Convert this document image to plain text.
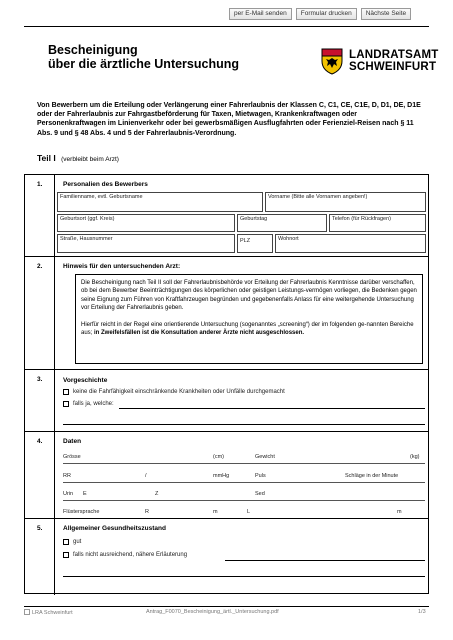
per E-Mail senden	Formular drucken	Nächste Seite
Bescheinigung
über die ärztliche Untersuchung
LANDRATSAMT
SCHWEINFURT
Von Bewerbern um die Erteilung oder Verlängerung einer Fahrerlaubnis der Klassen C, C1, CE, C1E, D, D1, DE, D1E oder der Fahrerlaubnis zur Fahrgastbeförderung für Taxen, Mietwagen, Krankenkraftwagen oder Personenkraftwagen im Linienverkehr oder bei gewerbsmäßigen Ausflugfahrten oder Ferienziel-Reisen nach § 11 Abs. 9 und § 48 Abs. 4 und 5 der Fahrerlaubnis-Verordnung.
Teil I (verbleibt beim Arzt)
1.	Personalien des Bewerbers
Familienname, evtl. Geburtsname	Vorname (Bitte alle Vornamen angeben!)
Geburtsort (ggf. Kreis)	Geburtstag	Telefon (für Rückfragen)
Straße, Hausnummer	PLZ	Wohnort
2.	Hinweis für den untersuchenden Arzt:

Die Bescheinigung nach Teil II soll der Fahrerlaubnisbehörde vor Erteilung der Fahrerlaubnis Kenntnisse darüber verschaffen, ob bei dem Bewerber Beeinträchtigungen des körperlichen oder geistigen Leistungs-vermögen vorliegen, die Bedenken gegen seine Eignung zum Führen von Kraftfahrzeugen begründen und gegebenenfalls Anlass für eine weitergehende Untersuchung vor Erteilung der Fahrerlaubnis geben.

Hierfür reicht in der Regel eine orientierende Untersuchung (sogenanntes „screening“) der im folgenden ge-nannten Bereiche aus; in Zweifelsfällen ist die Konsultation anderer Ärzte nicht ausgeschlossen.

3.	Vorgeschichte
keine die Fahrfähigkeit einschränkende Krankheiten oder Unfälle durchgemacht
falls ja, welche:
4.	Daten
Grösse	(cm)	Gewicht	(kg)
RR	/	mmHg	Puls	Schläge in der Minute
Urin E	Z	Sed
Flüstersprache	R	m	L	m
5.	Allgemeiner Gesundheitszustand
gut
falls nicht ausreichend, nähere Erläuterung
LRA Schweinfurt	Antrag_F0070_Bescheinigung_ärtl._Untersuchung.pdf	1/3
